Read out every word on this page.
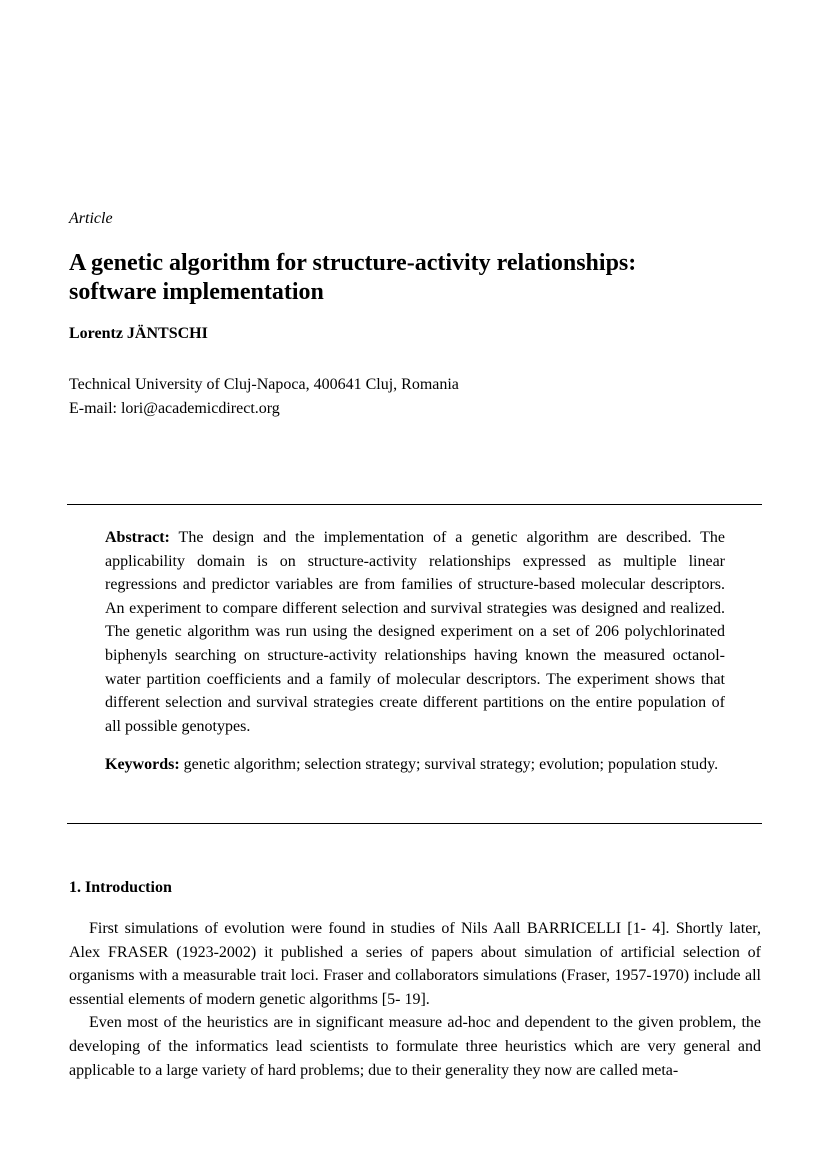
Article

A genetic algorithm for structure-activity relationships:
software implementation

Lorentz JÄNTSCHI

Technical University of Cluj-Napoca, 400641 Cluj, Romania
E-mail: lori@academicdirect.org

Abstract: The design and the implementation of a genetic algorithm are described. The applicability domain is on structure-activity relationships expressed as multiple linear regressions and predictor variables are from families of structure-based molecular descriptors. An experiment to compare different selection and survival strategies was designed and realized. The genetic algorithm was run using the designed experiment on a set of 206 polychlorinated biphenyls searching on structure-activity relationships having known the measured octanol-water partition coefficients and a family of molecular descriptors. The experiment shows that different selection and survival strategies create different partitions on the entire population of all possible genotypes.

Keywords: genetic algorithm; selection strategy; survival strategy; evolution; population study.

1. Introduction

First simulations of evolution were found in studies of Nils Aall BARRICELLI [1- 4]. Shortly later, Alex FRASER (1923-2002) it published a series of papers about simulation of artificial selection of organisms with a measurable trait loci. Fraser and collaborators simulations (Fraser, 1957-1970) include all essential elements of modern genetic algorithms [5- 19].

Even most of the heuristics are in significant measure ad-hoc and dependent to the given problem, the developing of the informatics lead scientists to formulate three heuristics which are very general and applicable to a large variety of hard problems; due to their generality they now are called meta-
